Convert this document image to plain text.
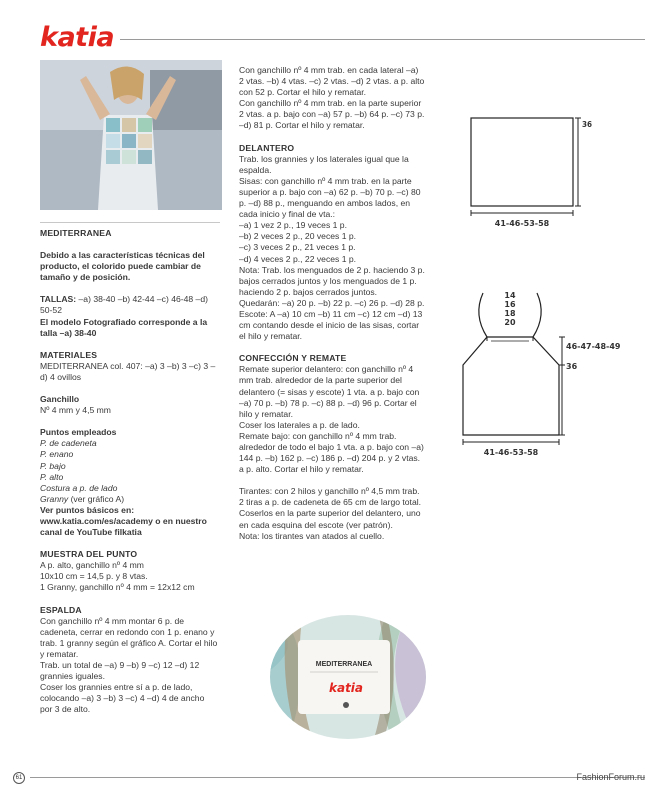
katia

MEDITERRANEA

Debido a las características técnicas del producto, el colorido puede cambiar de tamaño y de posición.

TALLAS: –a) 38-40 –b) 42-44 –c) 46-48 –d) 50-52

El modelo Fotografiado corresponde a la talla –a) 38-40

MATERIALES

MEDITERRANEA col. 407: –a) 3 –b) 3 –c) 3 –d) 4 ovillos

Ganchillo

Nº 4 mm y 4,5 mm

Puntos empleados

P. de cadeneta

P. enano

P. bajo

P. alto

Costura a p. de lado

Granny (ver gráfico A)

Ver puntos básicos en: www.katia.com/es/academy o en nuestro canal de YouTube filkatia

MUESTRA DEL PUNTO

A p. alto, ganchillo nº 4 mm

10x10 cm = 14,5 p. y 8 vtas.

1 Granny, ganchillo nº 4 mm = 12x12 cm

ESPALDA

Con ganchillo nº 4 mm montar 6 p. de cadeneta, cerrar en redondo con 1 p. enano y trab. 1 granny según el gráfico A. Cortar el hilo y rematar.

Trab. un total de –a) 9 –b) 9 –c) 12 –d) 12 grannies iguales.

Coser los grannies entre sí a p. de lado, colocando –a) 3 –b) 3 –c) 4 –d) 4 de ancho por 3 de alto.

Con ganchillo nº 4 mm trab. en cada lateral –a) 2 vtas. –b) 4 vtas. –c) 2 vtas. –d) 2 vtas. a p. alto con 52 p. Cortar el hilo y rematar.

Con ganchillo nº 4 mm trab. en la parte superior 2 vtas. a p. bajo con –a) 57 p. –b) 64 p. –c) 73 p. –d) 81 p. Cortar el hilo y rematar.

DELANTERO

Trab. los grannies y los laterales igual que la espalda.

Sisas: con ganchillo nº 4 mm trab. en la parte superior a p. bajo con –a) 62 p. –b) 70 p. –c) 80 p. –d) 88 p., menguando en ambos lados, en cada inicio y final de vta.:

–a) 1 vez 2 p., 19 veces 1 p.

–b) 2 veces 2 p., 20 veces 1 p.

–c) 3 veces 2 p., 21 veces 1 p.

–d) 4 veces 2 p., 22 veces 1 p.

Nota: Trab. los menguados de 2 p. haciendo 3 p. bajos cerrados juntos y los menguados de 1 p. haciendo 2 p. bajos cerrados juntos.

Quedarán: –a) 20 p. –b) 22 p. –c) 26 p. –d) 28 p.

Escote: A –a) 10 cm –b) 11 cm –c) 12 cm –d) 13 cm contando desde el inicio de las sisas, cortar el hilo y rematar.

CONFECCIÓN Y REMATE

Remate superior delantero: con ganchillo nº 4 mm trab. alrededor de la parte superior del delantero (= sisas y escote) 1 vta. a p. bajo con –a) 70 p. –b) 78 p. –c) 88 p. –d) 96 p. Cortar el hilo y rematar.

Coser los laterales a p. de lado.

Remate bajo: con ganchillo nº 4 mm trab. alrededor de todo el bajo 1 vta. a p. bajo con –a) 144 p. –b) 162 p. –c) 186 p. –d) 204 p. y 2 vtas. a p. alto. Cortar el hilo y rematar.

Tirantes: con 2 hilos y ganchillo nº 4,5 mm trab. 2 tiras a p. de cadeneta de 65 cm de largo total.

Coserlos en la parte superior del delantero, uno en cada esquina del escote (ver patrón).

Nota: los tirantes van atados al cuello.

MEDITERRANEA
katia
36
41-46-53-58
14
16
18
20
46-47-48-49
36
41-46-53-58
61	FashionForum.ru
